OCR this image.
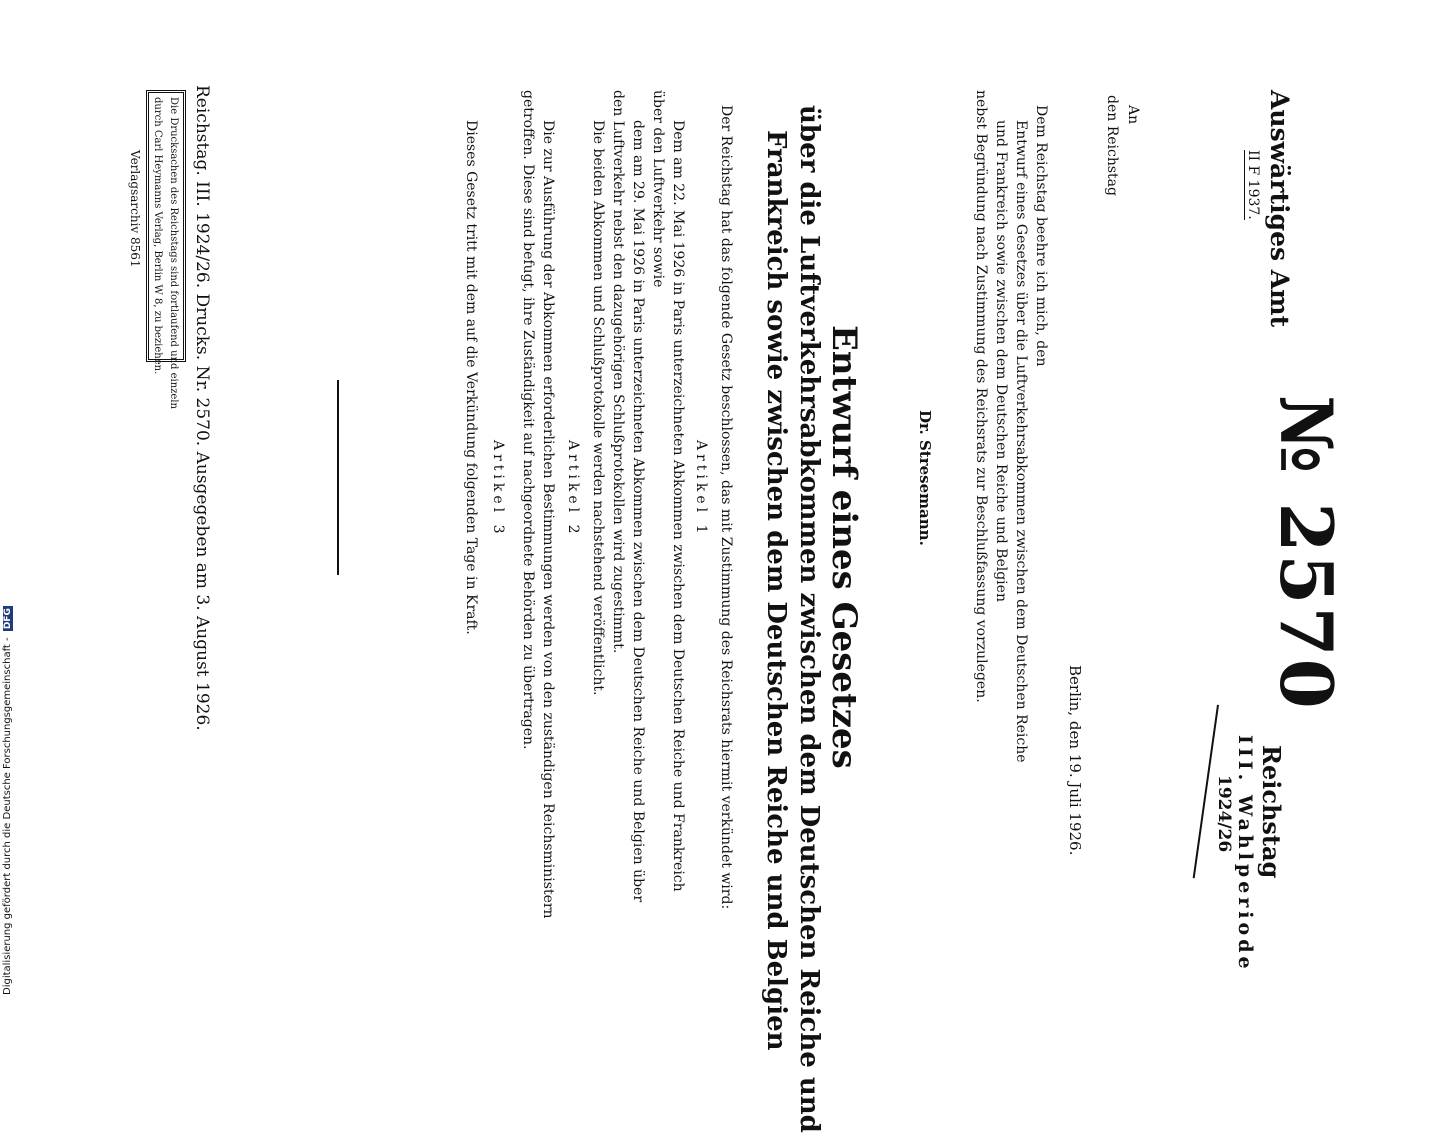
Auswärtiges Amt
II F 1937.
№ 2570
Reichstag
III. Wahlperiode
1924/26
An
den Reichstag
Berlin, den 19. Juli 1926.
Dem Reichstag beehre ich mich, den
Entwurf eines Gesetzes über die Luftverkehrsabkommen zwischen dem Deutschen Reiche
und Frankreich sowie zwischen dem Deutschen Reiche und Belgien
nebst Begründung nach Zustimmung des Reichsrats zur Beschlußfassung vorzulegen.
Dr. Stresemann.
Entwurf eines Gesetzes
über die Luftverkehrsabkommen zwischen dem Deutschen Reiche und
Frankreich sowie zwischen dem Deutschen Reiche und Belgien
Der Reichstag hat das folgende Gesetz beschlossen, das mit Zustimmung des Reichsrats hiermit verkündet wird:
Artikel 1
Dem am 22. Mai 1926 in Paris unterzeichneten Abkommen zwischen dem Deutschen Reiche und Frankreich
über den Luftverkehr sowie
dem am 29. Mai 1926 in Paris unterzeichneten Abkommen zwischen dem Deutschen Reiche und Belgien über
den Luftverkehr nebst den dazugehörigen Schlußprotokollen wird zugestimmt.
Die beiden Abkommen und Schlußprotokolle werden nachstehend veröffentlicht.
Artikel 2
Die zur Ausführung der Abkommen erforderlichen Bestimmungen werden von den zuständigen Reichsministern
getroffen. Diese sind befugt, ihre Zuständigkeit auf nachgeordnete Behörden zu übertragen.
Artikel 3
Dieses Gesetz tritt mit dem auf die Verkündung folgenden Tage in Kraft.
Reichstag. III. 1924/26. Drucks. Nr. 2570. Ausgegeben am 3. August 1926.
Die Drucksachen des Reichstags sind fortlaufend und einzeln
durch Carl Heymanns Verlag, Berlin W 8, zu beziehen.
Verlagsarchiv 8561
Digitalisierung gefördert durch die Deutsche Forschungsgemeinschaft - DFG
